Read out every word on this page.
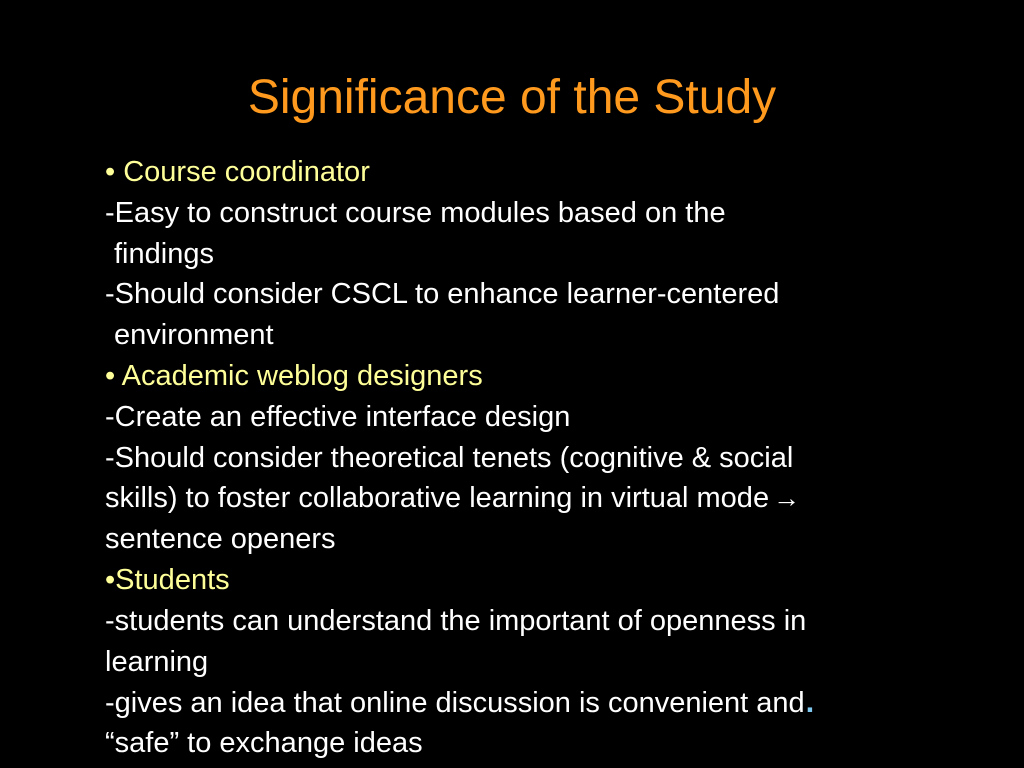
Significance of the Study
• Course coordinator
-Easy to construct course modules based on the
findings
-Should consider CSCL to enhance learner-centered
environment
• Academic weblog designers
-Create an effective interface design
-Should consider theoretical tenets (cognitive & social
skills) to foster collaborative learning in virtual mode →
sentence openers
•Students
-students can understand the important of openness in
learning
-gives an idea that online discussion is convenient and.
“safe” to exchange ideas
